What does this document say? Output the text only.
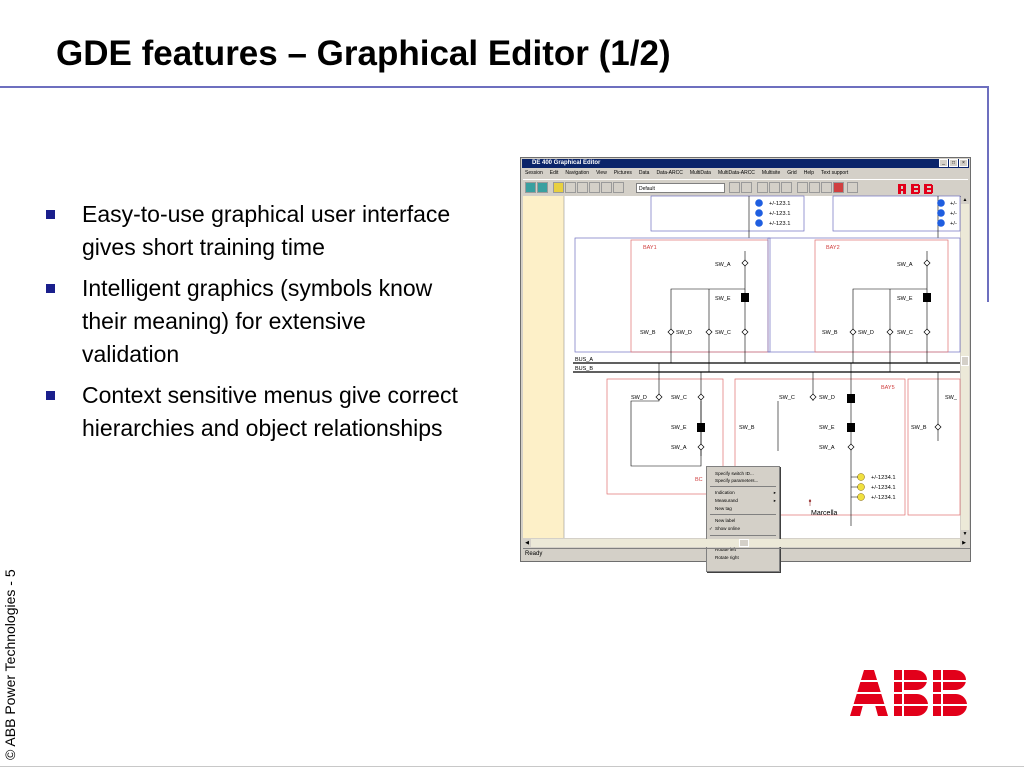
GDE features – Graphical Editor (1/2)
Easy-to-use graphical user interface gives short training time
Intelligent graphics (symbols know their meaning) for extensive validation
Context sensitive menus give correct hierarchies and object relationships
DE 400 Graphical Editor	_	□	×
Session Edit Navigation View Pictures Data Data-ARCC MultiData MultiData-ARCC Multisite Grid Help Text support
Default
+/-123.1
+/-123.1
+/-123.1
+/-
+/-
+/-
BAY1	BAY2
SW_A
SW_E
SW_B	SW_D	SW_C
SW_A
SW_E
SW_B	SW_D	SW_C
BUS_A
BUS_B
BAY5
BC
SW_D	SW_C
SW_E
SW_A
SW_B
SW_C	SW_D
SW_E
SW_A
SW_B
SW_
+/-1234.1
+/-1234.1
+/-1234.1
Marcella
Specify switch ID...
Specify parameters...
Indication	▸
Measurand	▸
New tag
New label
✓ Show online
Rotate left
Rotate right
▲
▼
◀	▶
Ready
© ABB Power Technologies - 5
